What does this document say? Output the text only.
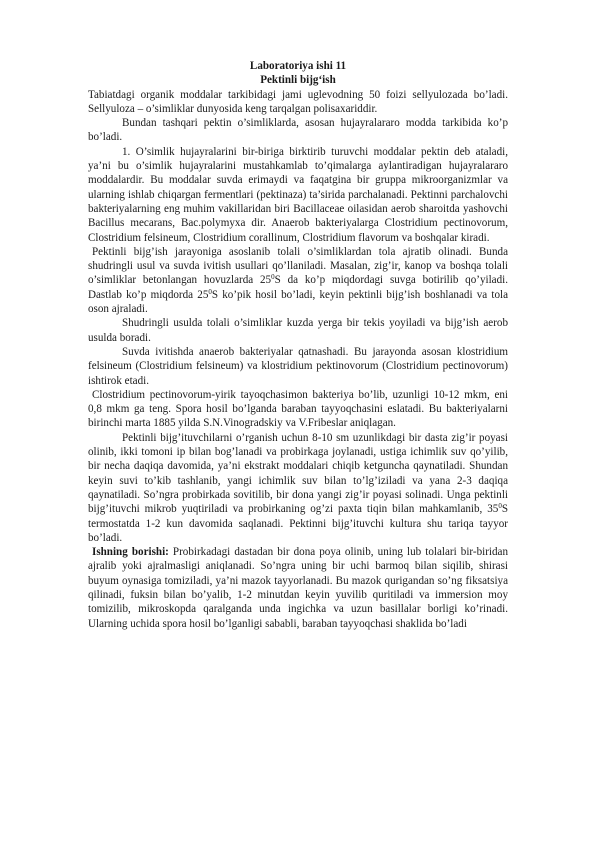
Laboratoriya ishi 11

Pektinli bijg‘ish

Tabiatdagi organik moddalar tarkibidagi jami uglevodning 50 foizi sellyulozada bo’ladi. Sellyuloza – o’simliklar dunyosida keng tarqalgan polisaxariddir.

Bundan tashqari pektin o’simliklarda, asosan hujayralararo modda tarkibida ko’p bo’ladi.

1. O’simlik hujayralarini bir-biriga birktirib turuvchi moddalar pektin deb ataladi, ya’ni bu o’simlik hujayralarini mustahkamlab to’qimalarga aylantiradigan hujayralararo moddalardir. Bu moddalar suvda erimaydi va faqatgina bir gruppa mikroorganizmlar va ularning ishlab chiqargan fermentlari (pektinaza) ta’sirida parchalanadi. Pektinni parchalovchi bakteriyalarning eng muhim vakillaridan biri Bacillaceae oilasidan aerob sharoitda yashovchi Bacillus mecarans, Bac.polymyxa dir. Anaerob bakteriyalarga Clostridium pectinovorum, Clostridium felsineum, Clostridium corallinum, Clostridium flavorum va boshqalar kiradi.

Pektinli bijg’ish jarayoniga asoslanib tolali o’simliklardan tola ajratib olinadi. Bunda shudringli usul va suvda ivitish usullari qo’llaniladi. Masalan, zig’ir, kanop va boshqa tolali o’simliklar betonlangan hovuzlarda $25^0S$ da ko’p miqdordagi suvga botirilib qo’yiladi. Dastlab ko’p miqdorda $25^0S$ ko’pik hosil bo’ladi, keyin pektinli bijg’ish boshlanadi va tola oson ajraladi.

Shudringli usulda tolali o’simliklar kuzda yerga bir tekis yoyiladi va bijg’ish aerob usulda boradi.

Suvda ivitishda anaerob bakteriyalar qatnashadi. Bu jarayonda asosan klostridium felsineum (Clostridium felsineum) va klostridium pektinovorum (Clostridium pectinovorum) ishtirok etadi.

Clostridium pectinovorum-yirik tayoqchasimon bakteriya bo’lib, uzunligi 10-12 mkm, eni 0,8 mkm ga teng. Spora hosil bo’lganda baraban tayyoqchasini eslatadi. Bu bakteriyalarni birinchi marta 1885 yilda S.N.Vinogradskiy va V.Fribeslar aniqlagan.

Pektinli bijg’ituvchilarni o’rganish uchun 8-10 sm uzunlikdagi bir dasta zig’ir poyasi olinib, ikki tomoni ip bilan bog’lanadi va probirkaga joylanadi, ustiga ichimlik suv qo’yilib, bir necha daqiqa davomida, ya’ni ekstrakt moddalari chiqib ketguncha qaynatiladi. Shundan keyin suvi to’kib tashlanib, yangi ichimlik suv bilan to’lg’iziladi va yana 2-3 daqiqa qaynatiladi. So’ngra probirkada sovitilib, bir dona yangi zig’ir poyasi solinadi. Unga pektinli bijg’ituvchi mikrob yuqtiriladi va probirkaning og’zi paxta tiqin bilan mahkamlanib, $35^0S$ termostatda 1-2 kun davomida saqlanadi. Pektinni bijg’ituvchi kultura shu tariqa tayyor bo’ladi.

Ishning borishi: Probirkadagi dastadan bir dona poya olinib, uning lub tolalari bir-biridan ajralib yoki ajralmasligi aniqlanadi. So’ngra uning bir uchi barmoq bilan siqilib, shirasi buyum oynasiga tomiziladi, ya’ni mazok tayyorlanadi. Bu mazok qurigandan so’ng fiksatsiya qilinadi, fuksin bilan bo’yalib, 1-2 minutdan keyin yuvilib quritiladi va immersion moy tomizilib, mikroskopda qaralganda unda ingichka va uzun basillalar borligi ko’rinadi. Ularning uchida spora hosil bo’lganligi sababli, baraban tayyoqchasi shaklida bo’ladi
